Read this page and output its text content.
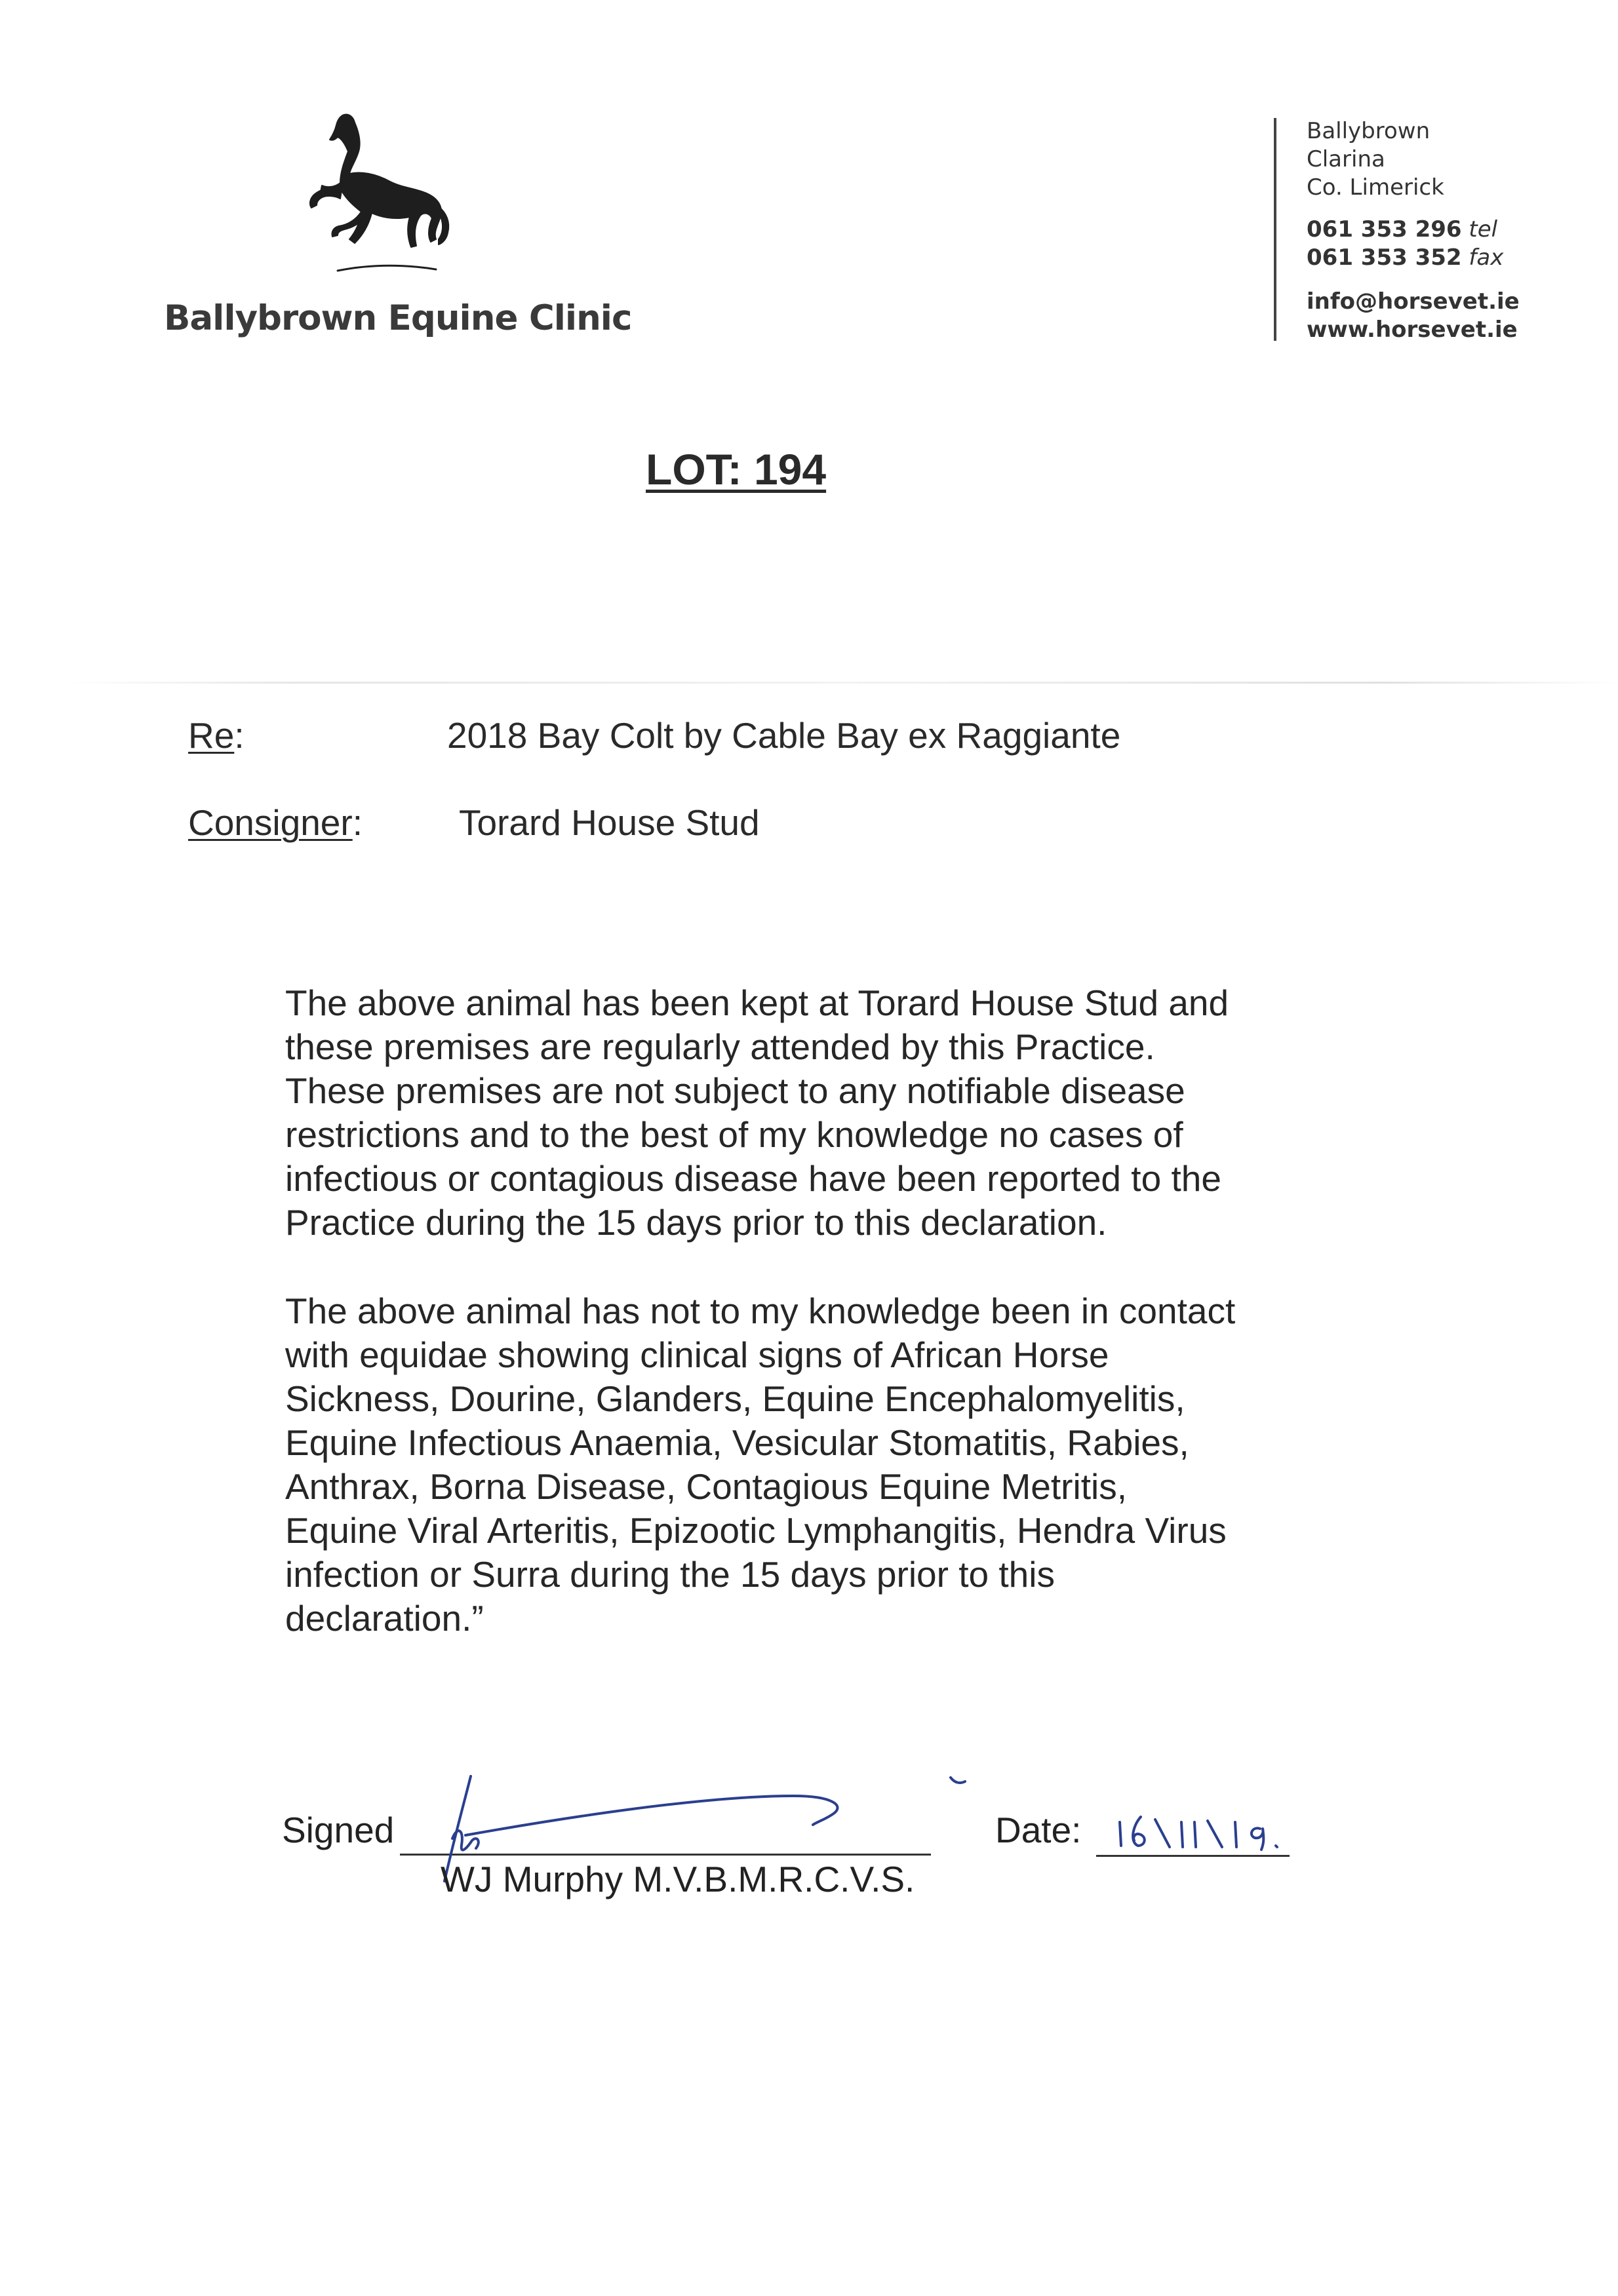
Ballybrown Equine Clinic
Ballybrown
Clarina
Co. Limerick
061 353 296 tel
061 353 352 fax
info@horsevet.ie
www.horsevet.ie
LOT: 194
Re:	2018 Bay Colt by Cable Bay ex Raggiante
Consigner:	Torard House Stud
The above animal has been kept at Torard House Stud and
these premises are regularly attended by this Practice.
These premises are not subject to any notifiable disease
restrictions and to the best of my knowledge no cases of
infectious or contagious disease have been reported to the
Practice during the 15 days prior to this declaration.
The above animal has not to my knowledge been in contact
with equidae showing clinical signs of African Horse
Sickness, Dourine, Glanders, Equine Encephalomyelitis,
Equine Infectious Anaemia, Vesicular Stomatitis, Rabies,
Anthrax, Borna Disease, Contagious Equine Metritis,
Equine Viral Arteritis, Epizootic Lymphangitis, Hendra Virus
infection or Surra during the 15 days prior to this
declaration.”
Signed
WJ Murphy M.V.B.M.R.C.V.S.
Date:
16/11/19.
